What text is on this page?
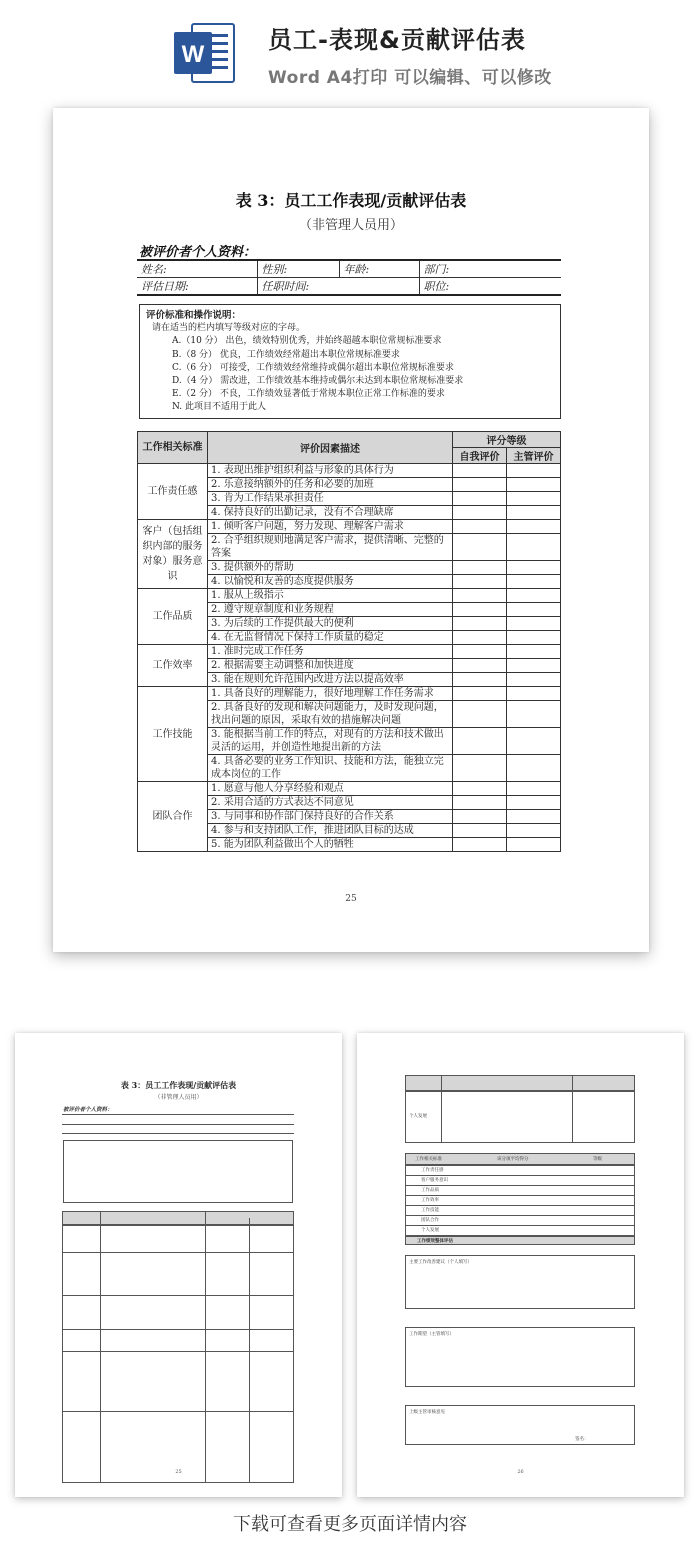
W
员工-表现&贡献评估表
Word A4打印 可以编辑、可以修改
表 3：员工工作表现/贡献评估表
（非管理人员用）
被评价者个人资料：
姓名:	性别:	年龄:	部门:
评估日期:	任职时间:		职位:
评价标准和操作说明：
请在适当的栏内填写等级对应的字母。
A.（10 分） 出色，绩效特别优秀，并始终超越本职位常规标准要求
B.（8 分） 优良，工作绩效经常超出本职位常规标准要求
C.（6 分） 可接受，工作绩效经常维持或偶尔超出本职位常规标准要求
D.（4 分） 需改进，工作绩效基本维持或偶尔未达到本职位常规标准要求
E.（2 分） 不良，工作绩效显著低于常规本职位正常工作标准的要求
N. 此项目不适用于此人
工作相关标准	评价因素描述	评分等级	
		自我评价	主管评价
工作责任感	1. 表现出维护组织利益与形象的具体行为		
	2. 乐意接纳额外的任务和必要的加班		
	3. 肯为工作结果承担责任		
	4. 保持良好的出勤记录，没有不合理缺席		
客户（包括组织内部的服务对象）服务意识	1. 倾听客户问题，努力发现、理解客户需求		
	2. 合乎组织规则地满足客户需求，提供清晰、完整的答案		
	3. 提供额外的帮助		
	4. 以愉悦和友善的态度提供服务		
工作品质	1. 服从上级指示		
	2. 遵守规章制度和业务规程		
	3. 为后续的工作提供最大的便利		
	4. 在无监督情况下保持工作质量的稳定		
工作效率	1. 准时完成工作任务		
	2. 根据需要主动调整和加快进度		
	3. 能在规则允许范围内改进方法以提高效率		
工作技能	1. 具备良好的理解能力，很好地理解工作任务需求		
	2. 具备良好的发现和解决问题能力，及时发现问题，找出问题的原因，采取有效的措施解决问题		
	3. 能根据当前工作的特点，对现有的方法和技术做出灵活的运用，并创造性地提出新的方法		
	4. 具备必要的业务工作知识、技能和方法，能独立完成本岗位的工作		
团队合作	1. 愿意与他人分享经验和观点		
	2. 采用合适的方式表达不同意见		
	3. 与同事和协作部门保持良好的合作关系		
	4. 参与和支持团队工作，推进团队目标的达成		
	5. 能为团队利益做出个人的牺牲		
25
表 3：员工工作表现/贡献评估表
（非管理人员用）
被评价者个人资料：
25
个人发展
工作相关标准	该分项平均得分	等级
工作责任感
客户服务意识
工作品质
工作效率
工作技能
团队合作
个人发展
工作绩效整体评估
主要工作改善建议（个人填写）
工作期望（主管填写）
上级主管审核意见
签名：
26
下载可查看更多页面详情内容
